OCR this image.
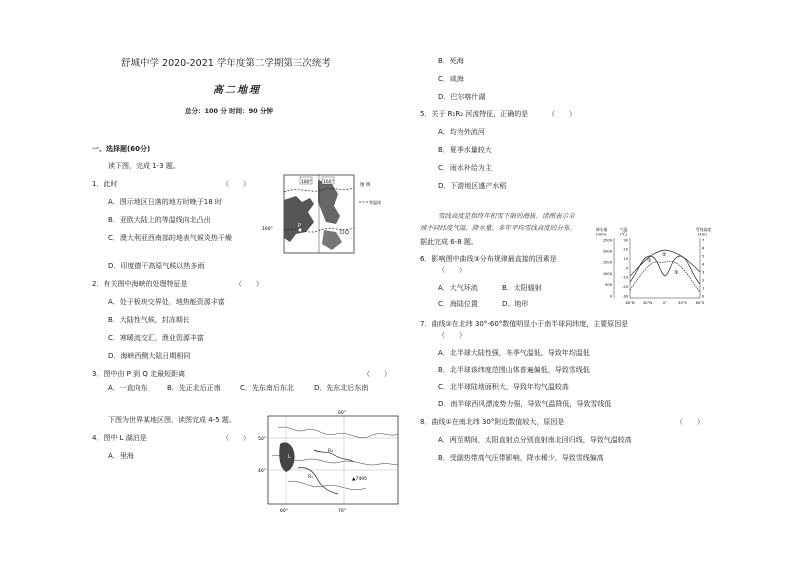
舒城中学 2020-2021 学年度第二学期第三次统考
高二地理
总分：100 分 时间：90 分钟
一、选择题(60分)
读下图，完成 1-3 题。
1．此时	（　　）
A．图示地区日落的地方时晚于18 时
B．亚欧大陆上的等温线向北凸出
C．澳大利亚西南部的地表气候炎热干燥
D．印度德干高原气候以热多雨
2．有关图中海峡的处理特征是	（　　）
A．处于板块交界处，地热能资源丰富
B．大陆性气候，封冻期长
C．寒暖流交汇，渔业资源丰富
D．海峡西侧大陆日期相同
3．图中由 P 到 Q 走最短距离	（　　）
A．一直向东	B．先正北后正南	C．先东南后东北	D．先东北后东南
下图为世界某地区图，读图完成 4-5 题。
4．图中 L 湖泊是	（　　）
A．里海
180° 160°
160°
P
Q
图 例
等温线
L
R₁
R₂
▲7495
60°
50°
40°
60°	70°
B．死海
C．咸海
D．巴尔喀什湖
5．关于 R₁R₂ 河流特征，正确的是	（　　）
A．均为外流河
B．夏季水量较大
C．雨水补给为主
D．下游地区盛产水稻
雪线高度是指终年积雪下限的海拔。读图表示全
球不同纬度气温、降水量、多年平均雪线高度的分布。
据此完成 6-8 题。
6．影响图中曲线③分布规律最直接的因素是
（　　）
A．大气环流	B．太阳辐射
C．海陆位置	D．地形
7．曲线②在北纬 30°-60°数值明显小于南半球同纬度，主要原因是
（　　）
A．北半球大陆性强，冬季气温低，导致年均温低
B．北半球该纬度范围山体普遍偏低，导致雪线低
C．北半球陆地面积大，导致年均气温较高
D．南半球西风漂流势力强，导致气温降低，导致雪线低
8．曲线①在南北纬 30°附近数值较大，原因是	（　　）
A．两至期间，太阳直射点分别直射南北回归线，导致气温较高
B．受副热带高气压带影响，降水稀少，导致雪线偏高
降水量
(mm)
气温
(℃)
雪线高度
(km)
2500
2000
1500
1000
500
0
30
20
10
0
-10
-20
-30
7
6
5
4
3
2
1
0
60°N 30°N	0°	30°S 60°S
①
②
③
